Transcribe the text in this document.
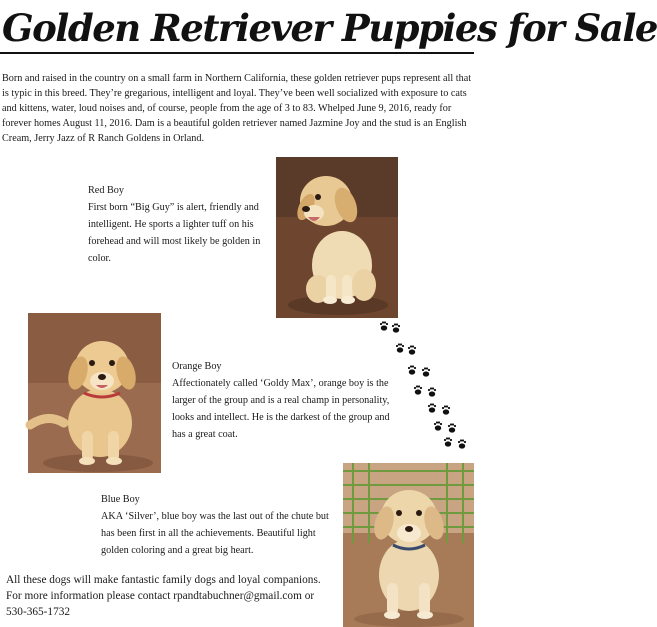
Golden Retriever Puppies for Sale
Born and raised in the country on a small farm in Northern California, these golden retriever pups represent all that is typic in this breed. They’re gregarious, intelligent and loyal. They’ve been well socialized with exposure to cats and kittens, water, loud noises and, of course, people from the age of 3 to 83. Whelped June 9, 2016, ready for forever homes August 11, 2016. Dam is a beautiful golden retriever named Jazmine Joy and the stud is an English Cream, Jerry Jazz of R Ranch Goldens in Orland.

Red Boy

First born “Big Guy” is alert, friendly and intelligent. He sports a lighter tuff on his forehead and will most likely be golden in color.

Orange Boy

Affectionately called ‘Goldy Max’, orange boy is the larger of the group and is a real champ in personality, looks and intellect. He is the darkest of the group and has a great coat.

Blue Boy

AKA ‘Silver’, blue boy was the last out of the chute but has been first in all the achievements. Beautiful light golden coloring and a great big heart.

All these dogs will make fantastic family dogs and loyal companions. For more information please contact rpandtabuchner@gmail.com or 530-365-1732
